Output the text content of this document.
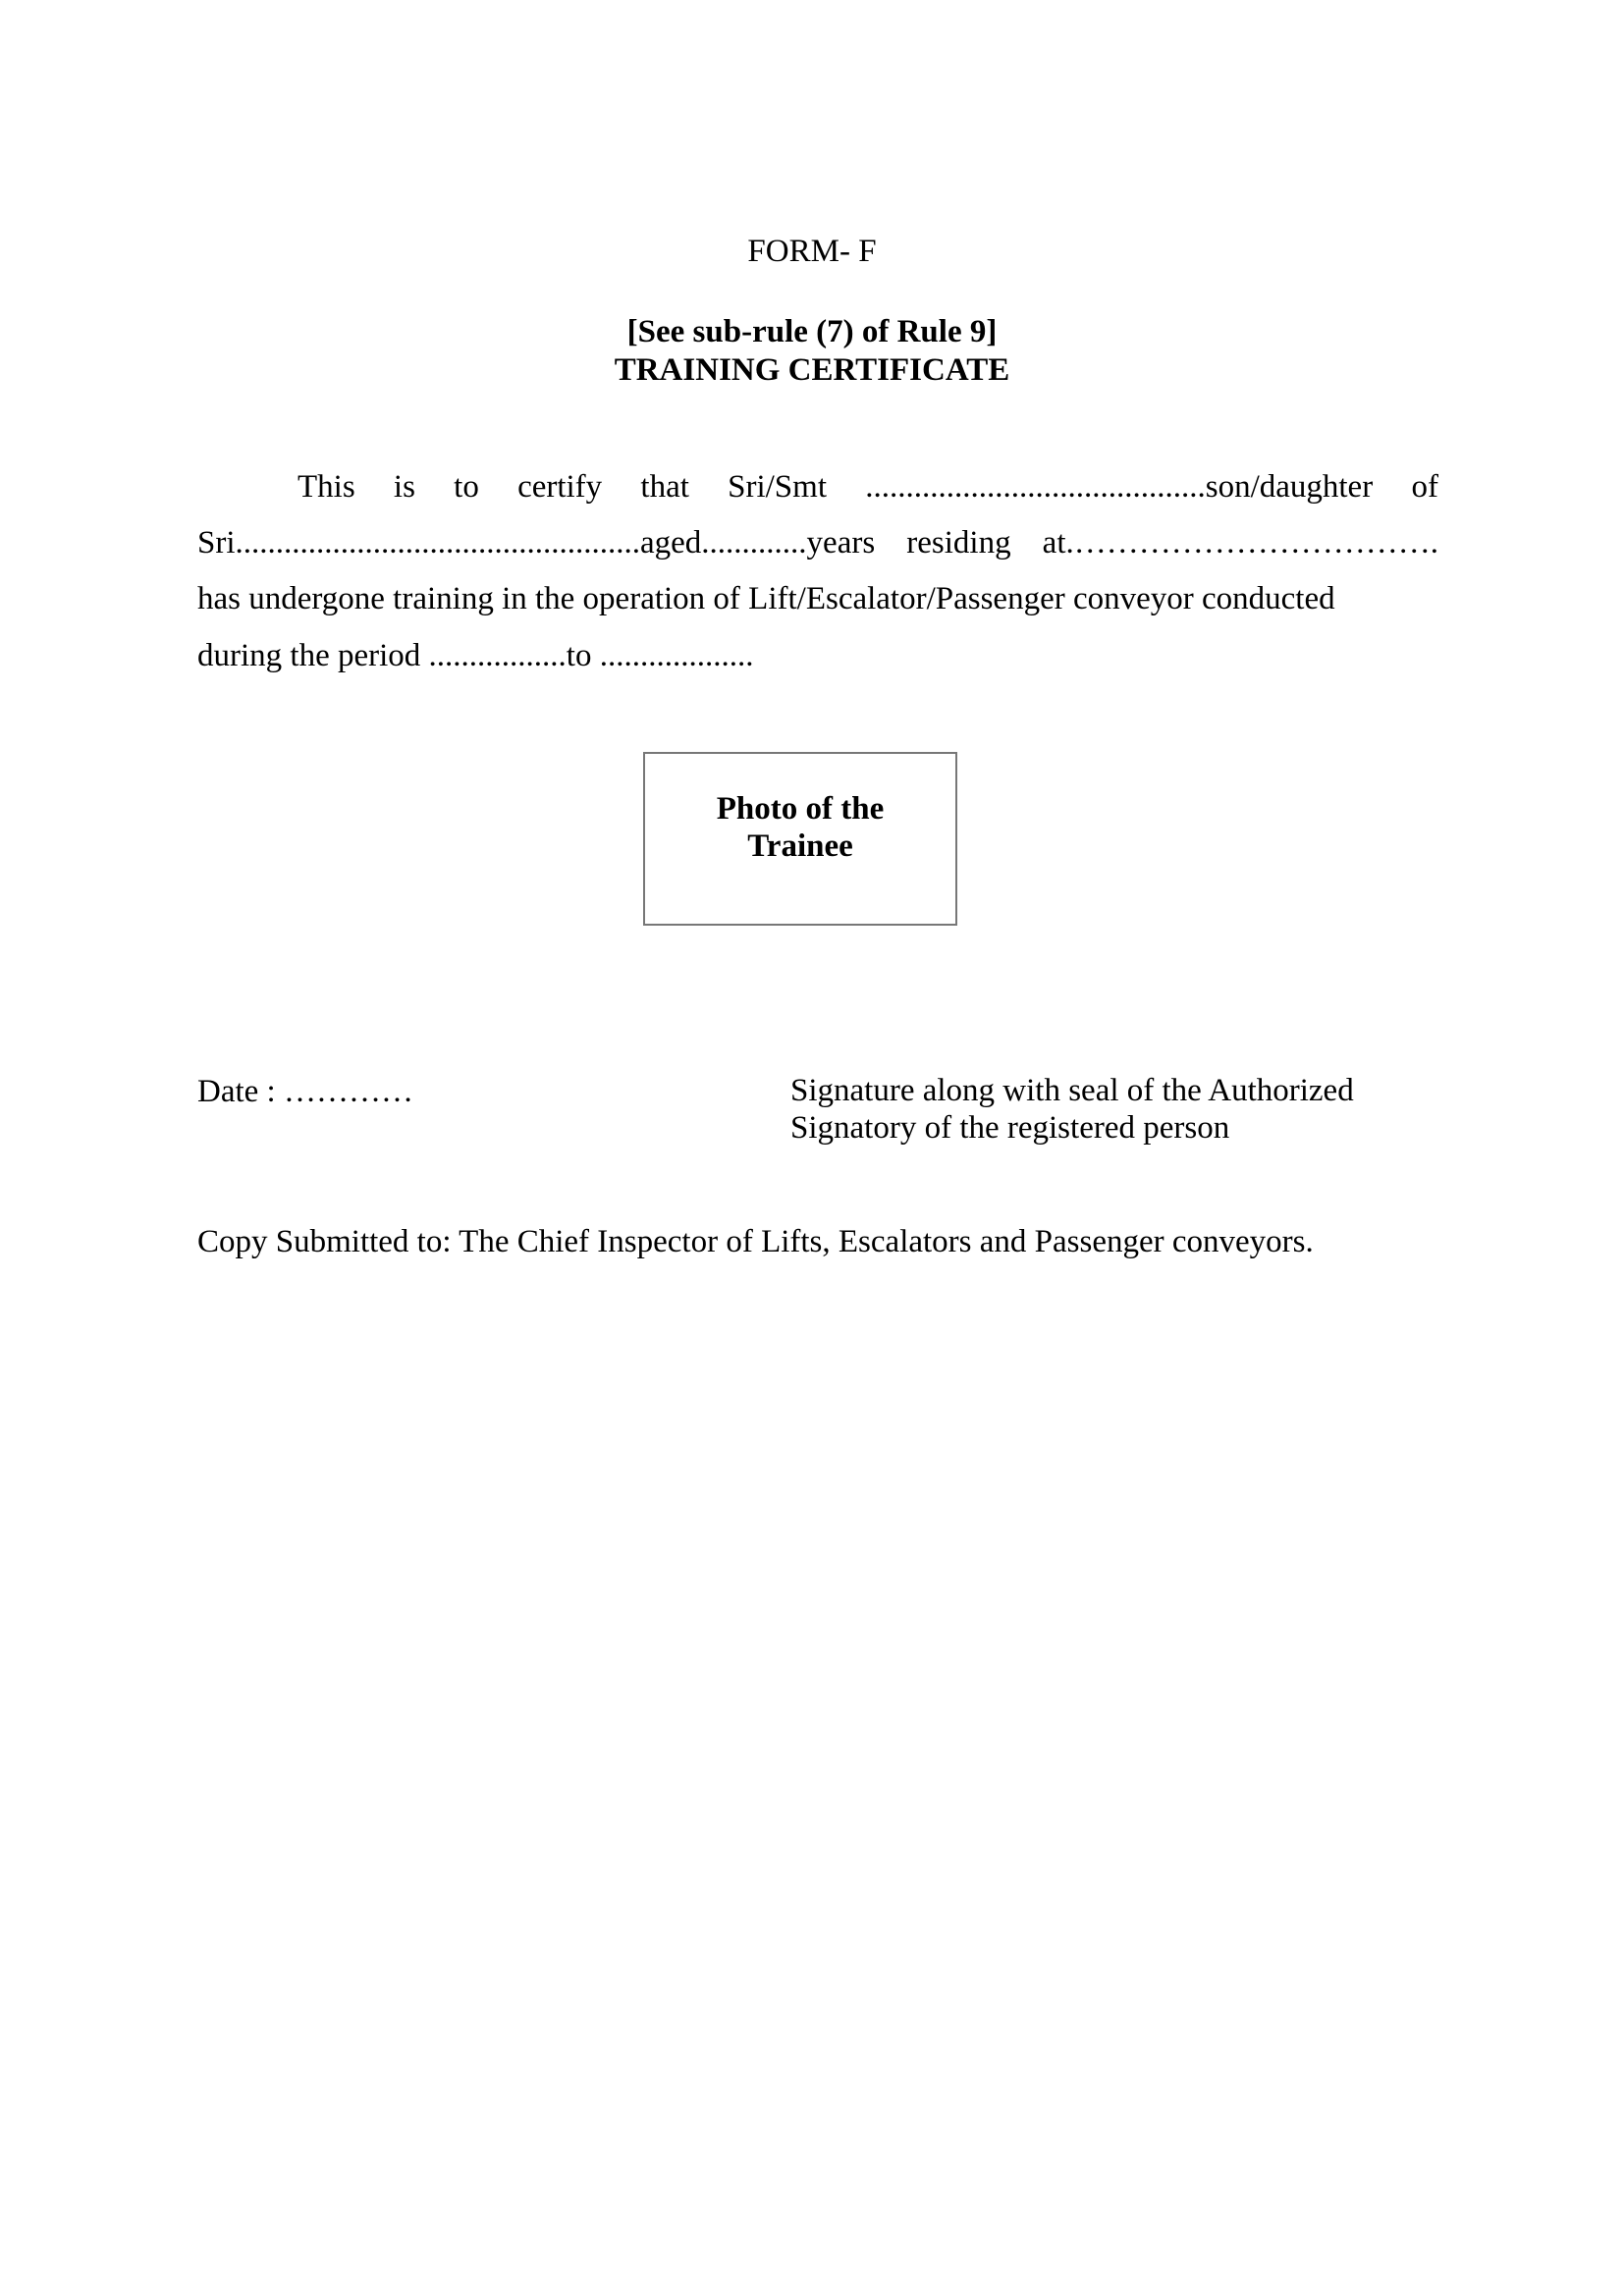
FORM- F
[See sub-rule (7) of Rule 9]
TRAINING CERTIFICATE
This is to certify that Sri/Smt ..........................................son/daughter of
Sri..................................................aged.............years residing at.…………………………….
has undergone training in the operation of Lift/Escalator/Passenger conveyor conducted
during the period .................to ...................
Photo of the
Trainee
Date : …………	Signature along with seal of the Authorized
Signatory of the registered person
Copy Submitted to: The Chief Inspector of Lifts, Escalators and Passenger conveyors.
